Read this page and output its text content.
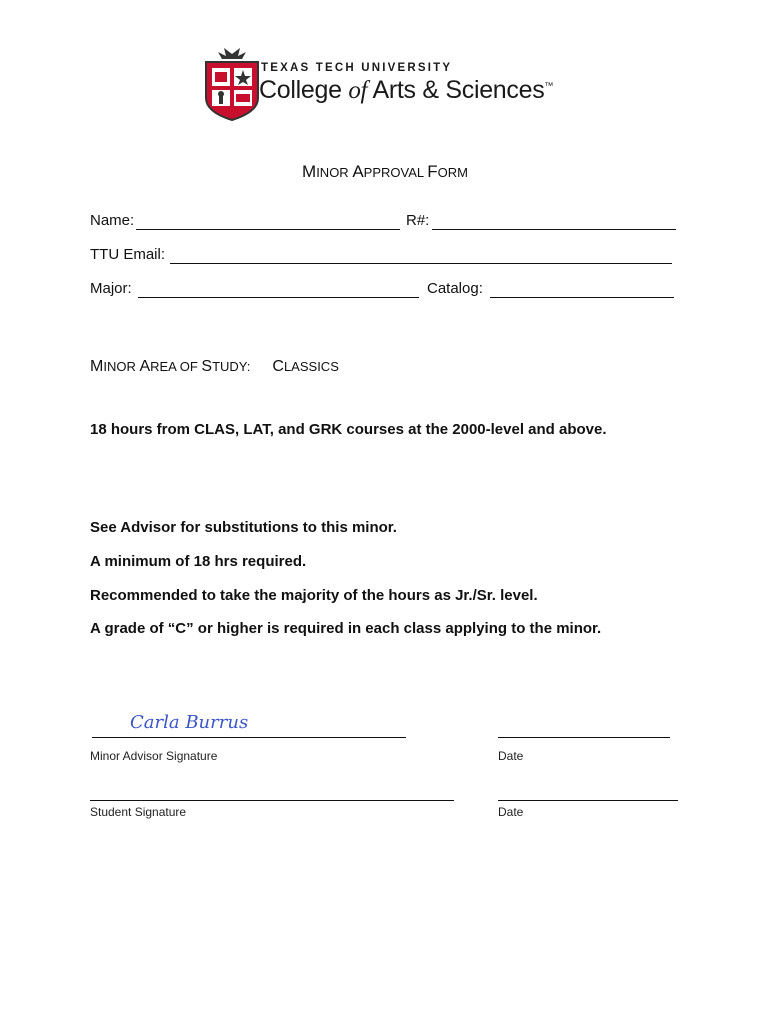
TEXAS TECH UNIVERSITY
College of Arts & Sciences™
MINOR APPROVAL FORM
Name:	R#:
TTU Email:
Major:	Catalog:
MINOR AREA OF STUDY: CLASSICS
18 hours from CLAS, LAT, and GRK courses at the 2000-level and above.
See Advisor for substitutions to this minor.
A minimum of 18 hrs required.
Recommended to take the majority of the hours as Jr./Sr. level.
A grade of “C” or higher is required in each class applying to the minor.
Carla Burrus
Minor Advisor Signature	Date
Student Signature	Date
